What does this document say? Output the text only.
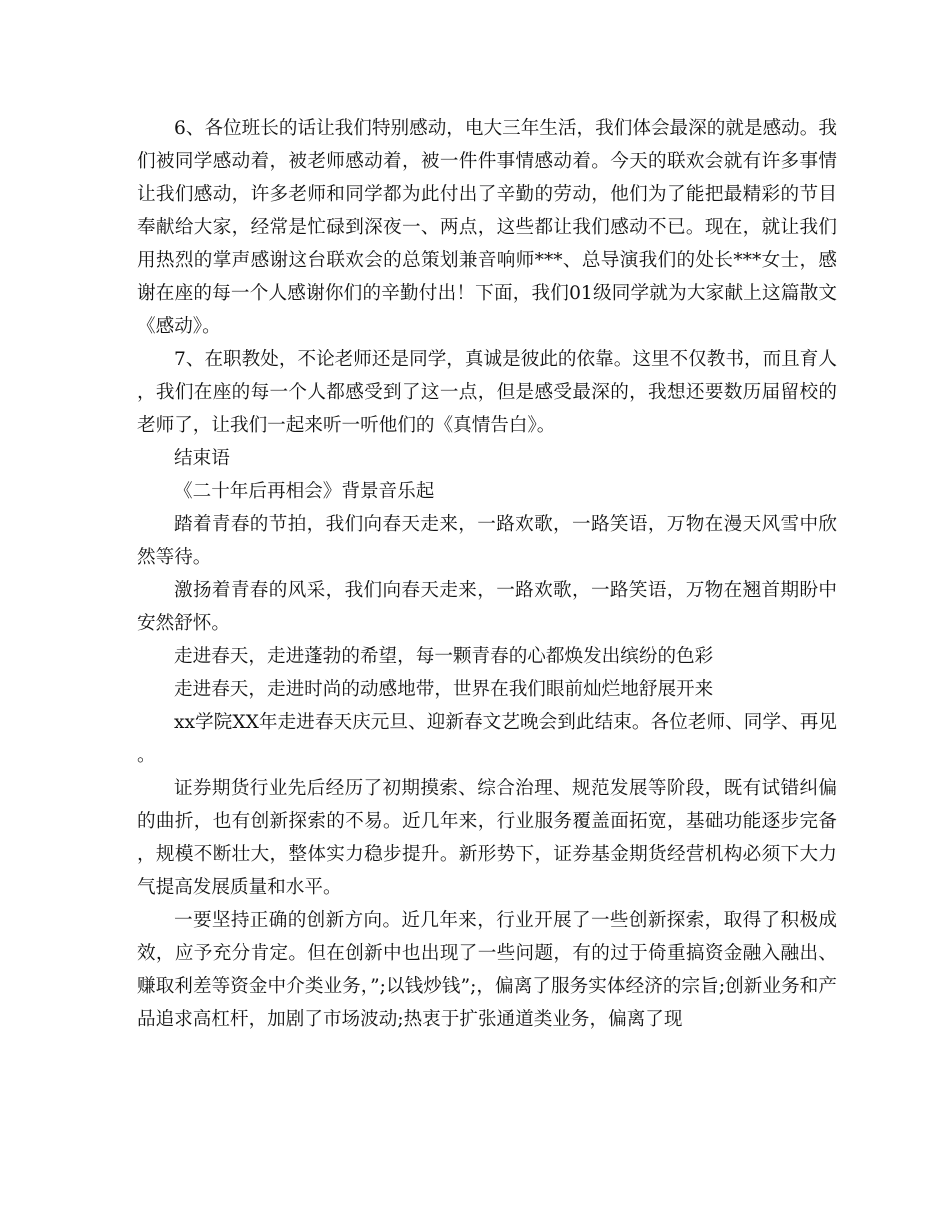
6、各位班长的话让我们特别感动，电大三年生活，我们体会最深的就是感动。我们被同学感动着，被老师感动着，被一件件事情感动着。今天的联欢会就有许多事情让我们感动，许多老师和同学都为此付出了辛勤的劳动，他们为了能把最精彩的节目奉献给大家，经常是忙碌到深夜一、两点，这些都让我们感动不已。现在，就让我们用热烈的掌声感谢这台联欢会的总策划兼音响师***、总导演我们的处长***女士，感谢在座的每一个人感谢你们的辛勤付出！下面，我们01级同学就为大家献上这篇散文《感动》。

7、在职教处，不论老师还是同学，真诚是彼此的依靠。这里不仅教书，而且育人，我们在座的每一个人都感受到了这一点，但是感受最深的，我想还要数历届留校的老师了，让我们一起来听一听他们的《真情告白》。

结束语

《二十年后再相会》背景音乐起

踏着青春的节拍，我们向春天走来，一路欢歌，一路笑语，万物在漫天风雪中欣然等待。

激扬着青春的风采，我们向春天走来，一路欢歌，一路笑语，万物在翘首期盼中安然舒怀。

走进春天，走进蓬勃的希望，每一颗青春的心都焕发出缤纷的色彩

走进春天，走进时尚的动感地带，世界在我们眼前灿烂地舒展开来

xx学院XX年走进春天庆元旦、迎新春文艺晚会到此结束。各位老师、同学、再见。

证券期货行业先后经历了初期摸索、综合治理、规范发展等阶段，既有试错纠偏的曲折，也有创新探索的不易。近几年来，行业服务覆盖面拓宽，基础功能逐步完备，规模不断壮大，整体实力稳步提升。新形势下，证券基金期货经营机构必须下大力气提高发展质量和水平。

一要坚持正确的创新方向。近几年来，行业开展了一些创新探索，取得了积极成效，应予充分肯定。但在创新中也出现了一些问题，有的过于倚重搞资金融入融出、赚取利差等资金中介类业务，”;以钱炒钱”;，偏离了服务实体经济的宗旨;创新业务和产品追求高杠杆，加剧了市场波动;热衷于扩张通道类业务，偏离了现
